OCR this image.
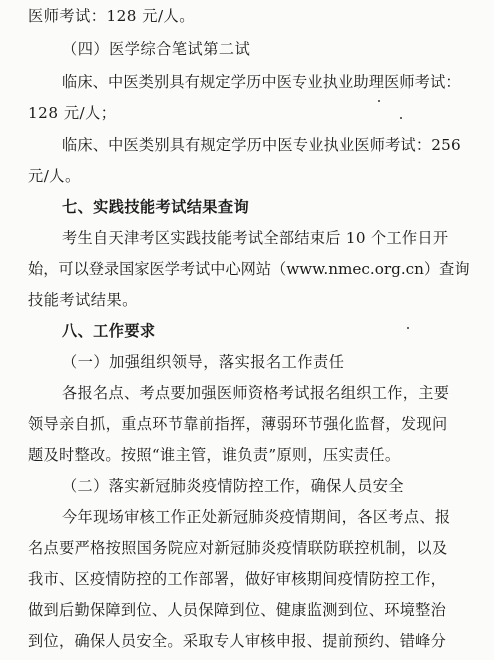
医师考试：128 元/人。
（四）医学综合笔试第二试
临床、中医类别具有规定学历中医专业执业助理医师考试：
128 元/人；
临床、中医类别具有规定学历中医专业执业医师考试：256
元/人。
七、实践技能考试结果查询
考生自天津考区实践技能考试全部结束后 10 个工作日开
始，可以登录国家医学考试中心网站（www.nmec.org.cn）查询
技能考试结果。
八、工作要求
（一）加强组织领导，落实报名工作责任
各报名点、考点要加强医师资格考试报名组织工作，主要
领导亲自抓，重点环节靠前指挥，薄弱环节强化监督，发现问
题及时整改。按照“谁主管，谁负责”原则，压实责任。
（二）落实新冠肺炎疫情防控工作，确保人员安全
今年现场审核工作正处新冠肺炎疫情期间，各区考点、报
名点要严格按照国务院应对新冠肺炎疫情联防联控机制，以及
我市、区疫情防控的工作部署，做好审核期间疫情防控工作，
做到后勤保障到位、人员保障到位、健康监测到位、环境整治
到位，确保人员安全。采取专人审核申报、提前预约、错峰分
